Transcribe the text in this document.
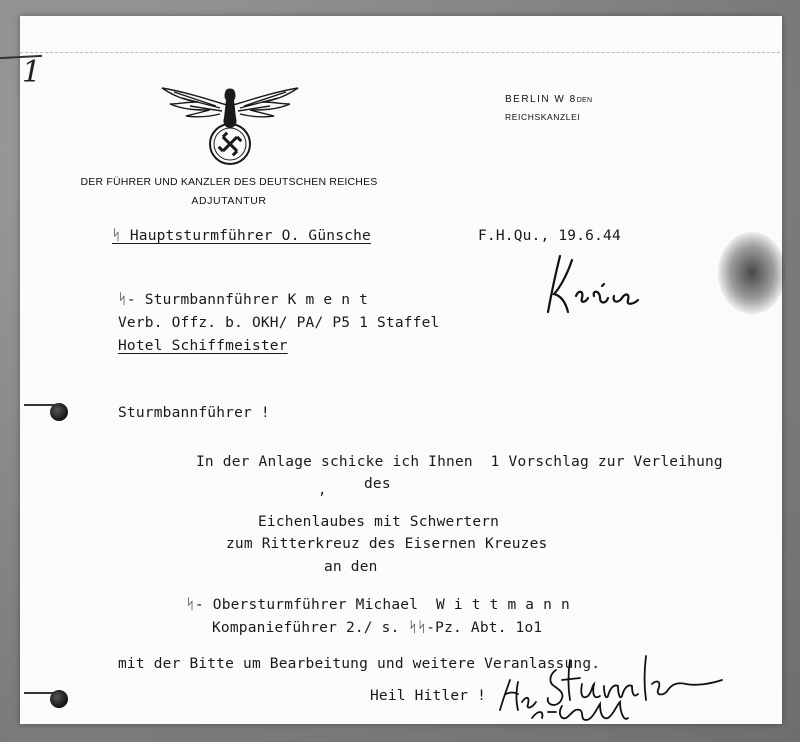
1
DER FÜHRER UND KANZLER DES DEUTSCHEN REICHES
ADJUTANTUR
BERLIN W 8DEN
REICHSKANZLEI
ᛋ Hauptsturmführer O. Günsche	F.H.Qu., 19.6.44
ᛋ- Sturmbannführer K m e n t
Verb. Offz. b. OKH/ PA/ P5 1 Staffel
Hotel Schiffmeister
Sturmbannführer !
In der Anlage schicke ich Ihnen  1 Vorschlag zur Verleihung
,	des
Eichenlaubes mit Schwertern
zum Ritterkreuz des Eisernen Kreuzes
an den
ᛋ- Obersturmführer Michael  W i t t m a n n
Kompanieführer 2./ s. ᛋᛋ-Pz. Abt. 1o1
mit der Bitte um Bearbeitung und weitere Veranlassung.
Heil Hitler !
